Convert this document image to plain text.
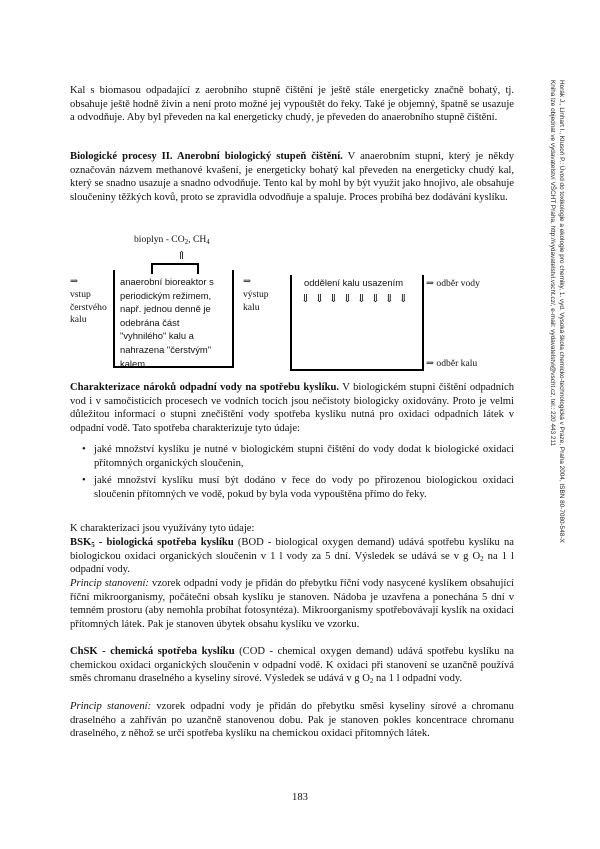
Horák J., Linhart I., Klusoň P.: Úvod do toxikologie a ekologie pro chemiky, 1. vyd. Vysoká škola chemicko-technologická v Praze, Praha 2004, ISBN 80-7080-548-X
Kniha lze objednat ve vydavatelství VŠCHT Praha, http://vydavatelstvi.vscht.cz/, e-mail: vydavatelstvi@vscht.cz, tel.: 220 443 211

Kal s biomasou odpadající z aerobního stupně čištění je ještě stále energeticky značně bohatý, tj. obsahuje ještě hodně živin a není proto možné jej vypouštět do řeky. Také je objemný, špatně se usazuje a odvodňuje. Aby byl převeden na kal energeticky chudý, je převeden do anaerobního stupně čištění.

Biologické procesy II. Anerobní biologický stupeň čištění. V anaerobním stupni, který je někdy označován názvem methanové kvašení, je energeticky bohatý kal převeden na energeticky chudý kal, který se snadno usazuje a snadno odvodňuje. Tento kal by mohl by být využit jako hnojivo, ale obsahuje sloučeniny těžkých kovů, proto se zpravidla odvodňuje a spaluje. Proces probíhá bez dodávání kyslíku.

bioplyn - $CO_2$, $CH_4$
⇑
⇒
vstup
čerstvého
kalu
anaerobní bioreaktor s
periodickým režimem,
např. jednou denně je
odebrána část
"vyhnilého" kalu a
nahrazena "čerstvým"
kalem
⇒
výstup
kalu
oddělení kalu usazením
⇓ ⇓ ⇓ ⇓ ⇓ ⇓ ⇓ ⇓
⇒ odběr vody
⇒ odběr kalu

Charakterizace nároků odpadní vody na spotřebu kyslíku. V biologickém stupni čištění odpadních vod i v samočisticích procesech ve vodních tocích jsou nečistoty biologicky oxidovány. Proto je velmi důležitou informací o stupni znečištění vody spotřeba kyslíku nutná pro oxidaci odpadních látek v odpadní vodě. Tato spotřeba charakterizuje tyto údaje:

• jaké množství kyslíku je nutné v biologickém stupni čištění do vody dodat k biologické oxidaci přítomných organických sloučenin,
• jaké množství kyslíku musí být dodáno v řece do vody po přirozenou biologickou oxidaci sloučenin přítomných ve vodě, pokud by byla voda vypouštěna přímo do řeky.

K charakterizaci jsou využívány tyto údaje:

$BSK_5$ - biologická spotřeba kyslíku (BOD - biological oxygen demand) udává spotřebu kyslíku na biologickou oxidaci organických sloučenin v 1 l vody za 5 dní. Výsledek se udává se v g $O_2$ na 1 l odpadní vody.

Princip stanovení: vzorek odpadní vody je přidán do přebytku říční vody nasycené kyslíkem obsahující říční mikroorganismy, počáteční obsah kyslíku je stanoven. Nádoba je uzavřena a ponechána 5 dní v temném prostoru (aby nemohla probíhat fotosyntéza). Mikroorganismy spotřebovávají kyslík na oxidaci přítomných látek. Pak je stanoven úbytek obsahu kyslíku ve vzorku.

ChSK - chemická spotřeba kyslíku (COD - chemical oxygen demand) udává spotřebu kyslíku na chemickou oxidaci organických sloučenin v odpadní vodě. K oxidaci při stanovení se uzančně používá směs chromanu draselného a kyseliny sírové. Výsledek se udává v g $O_2$ na 1 l odpadní vody.

Princip stanovení: vzorek odpadní vody je přidán do přebytku směsi kyseliny sírové a chromanu draselného a zahříván po uzančně stanovenou dobu. Pak je stanoven pokles koncentrace chromanu draselného, z něhož se určí spotřeba kyslíku na chemickou oxidaci přítomných látek.

183
